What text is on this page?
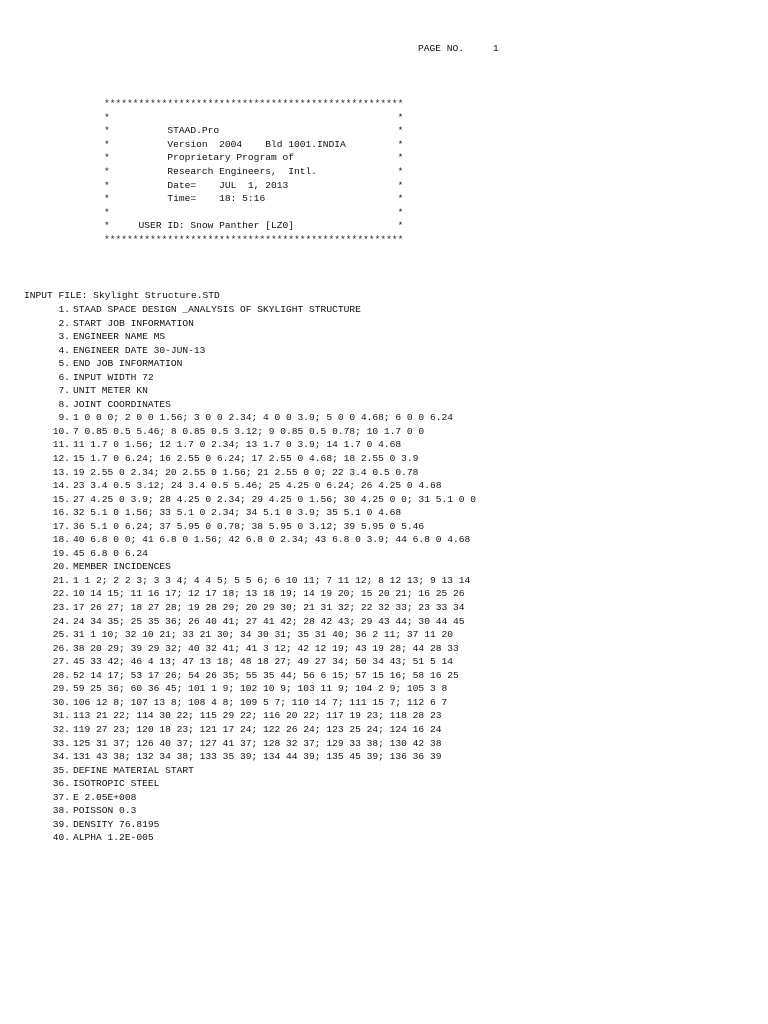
PAGE NO.	1
****************************************************
*                                                  *
*          STAAD.Pro                               *
*          Version  2004    Bld 1001.INDIA         *
*          Proprietary Program of                  *
*          Research Engineers,  Intl.              *
*          Date=    JUL  1, 2013                   *
*          Time=    18: 5:16                       *
*                                                  *
*     USER ID: Snow Panther [LZ0]                  *
****************************************************
INPUT FILE: Skylight Structure.STD
1. STAAD SPACE DESIGN _ANALYSIS OF SKYLIGHT STRUCTURE
2. START JOB INFORMATION
3. ENGINEER NAME MS
4. ENGINEER DATE 30-JUN-13
5. END JOB INFORMATION
6. INPUT WIDTH 72
7. UNIT METER KN
8. JOINT COORDINATES
9. 1 0 0 0; 2 0 0 1.56; 3 0 0 2.34; 4 0 0 3.9; 5 0 0 4.68; 6 0 0 6.24
10. 7 0.85 0.5 5.46; 8 0.85 0.5 3.12; 9 0.85 0.5 0.78; 10 1.7 0 0
11. 11 1.7 0 1.56; 12 1.7 0 2.34; 13 1.7 0 3.9; 14 1.7 0 4.68
12. 15 1.7 0 6.24; 16 2.55 0 6.24; 17 2.55 0 4.68; 18 2.55 0 3.9
13. 19 2.55 0 2.34; 20 2.55 0 1.56; 21 2.55 0 0; 22 3.4 0.5 0.78
14. 23 3.4 0.5 3.12; 24 3.4 0.5 5.46; 25 4.25 0 6.24; 26 4.25 0 4.68
15. 27 4.25 0 3.9; 28 4.25 0 2.34; 29 4.25 0 1.56; 30 4.25 0 0; 31 5.1 0 0
16. 32 5.1 0 1.56; 33 5.1 0 2.34; 34 5.1 0 3.9; 35 5.1 0 4.68
17. 36 5.1 0 6.24; 37 5.95 0 0.78; 38 5.95 0 3.12; 39 5.95 0 5.46
18. 40 6.8 0 0; 41 6.8 0 1.56; 42 6.8 0 2.34; 43 6.8 0 3.9; 44 6.8 0 4.68
19. 45 6.8 0 6.24
20. MEMBER INCIDENCES
21. 1 1 2; 2 2 3; 3 3 4; 4 4 5; 5 5 6; 6 10 11; 7 11 12; 8 12 13; 9 13 14
22. 10 14 15; 11 16 17; 12 17 18; 13 18 19; 14 19 20; 15 20 21; 16 25 26
23. 17 26 27; 18 27 28; 19 28 29; 20 29 30; 21 31 32; 22 32 33; 23 33 34
24. 24 34 35; 25 35 36; 26 40 41; 27 41 42; 28 42 43; 29 43 44; 30 44 45
25. 31 1 10; 32 10 21; 33 21 30; 34 30 31; 35 31 40; 36 2 11; 37 11 20
26. 38 20 29; 39 29 32; 40 32 41; 41 3 12; 42 12 19; 43 19 28; 44 28 33
27. 45 33 42; 46 4 13; 47 13 18; 48 18 27; 49 27 34; 50 34 43; 51 5 14
28. 52 14 17; 53 17 26; 54 26 35; 55 35 44; 56 6 15; 57 15 16; 58 16 25
29. 59 25 36; 60 36 45; 101 1 9; 102 10 9; 103 11 9; 104 2 9; 105 3 8
30. 106 12 8; 107 13 8; 108 4 8; 109 5 7; 110 14 7; 111 15 7; 112 6 7
31. 113 21 22; 114 30 22; 115 29 22; 116 20 22; 117 19 23; 118 28 23
32. 119 27 23; 120 18 23; 121 17 24; 122 26 24; 123 25 24; 124 16 24
33. 125 31 37; 126 40 37; 127 41 37; 128 32 37; 129 33 38; 130 42 38
34. 131 43 38; 132 34 38; 133 35 39; 134 44 39; 135 45 39; 136 36 39
35. DEFINE MATERIAL START
36. ISOTROPIC STEEL
37. E 2.05E+008
38. POISSON 0.3
39. DENSITY 76.8195
40. ALPHA 1.2E-005
